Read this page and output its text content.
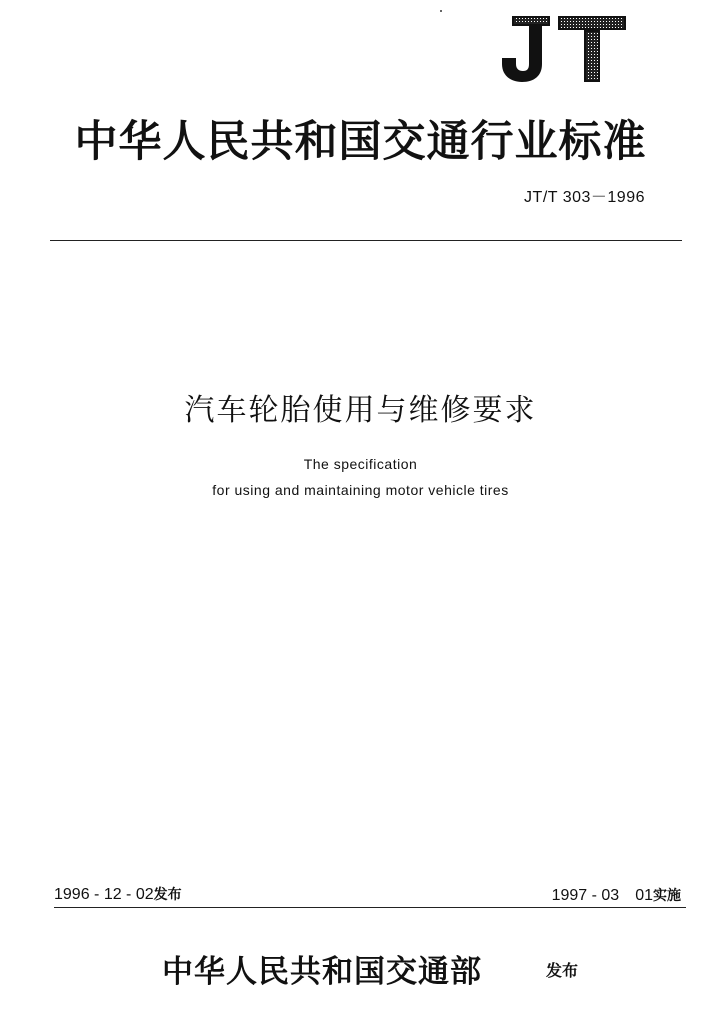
中华人民共和国交通行业标准
JT/T 303－1996
汽车轮胎使用与维修要求
The specification
for using and maintaining motor vehicle tires
1996 - 12 - 02发布	1997 - 03　01实施
中华人民共和国交通部	发布
